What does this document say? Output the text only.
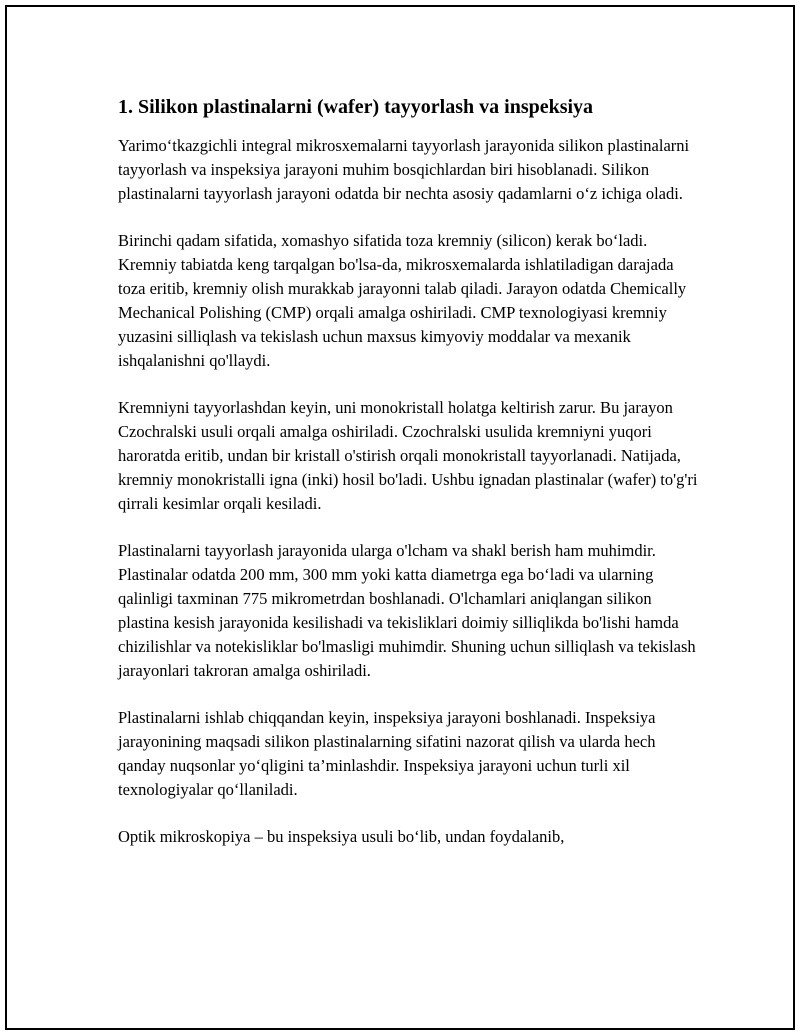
1. Silikon plastinalarni (wafer) tayyorlash va inspeksiya

Yarimo‘tkazgichli integral mikrosxemalarni tayyorlash jarayonida silikon plastinalarni tayyorlash va inspeksiya jarayoni muhim bosqichlardan biri hisoblanadi. Silikon plastinalarni tayyorlash jarayoni odatda bir nechta asosiy qadamlarni o‘z ichiga oladi.

Birinchi qadam sifatida, xomashyo sifatida toza kremniy (silicon) kerak bo‘ladi. Kremniy tabiatda keng tarqalgan bo'lsa-da, mikrosxemalarda ishlatiladigan darajada toza eritib, kremniy olish murakkab jarayonni talab qiladi. Jarayon odatda Chemically Mechanical Polishing (CMP) orqali amalga oshiriladi. CMP texnologiyasi kremniy yuzasini silliqlash va tekislash uchun maxsus kimyoviy moddalar va mexanik ishqalanishni qo'llaydi.

Kremniyni tayyorlashdan keyin, uni monokristall holatga keltirish zarur. Bu jarayon Czochralski usuli orqali amalga oshiriladi. Czochralski usulida kremniyni yuqori haroratda eritib, undan bir kristall o'stirish orqali monokristall tayyorlanadi. Natijada, kremniy monokristalli igna (inki) hosil bo'ladi. Ushbu ignadan plastinalar (wafer) to'g'ri qirrali kesimlar orqali kesiladi.

Plastinalarni tayyorlash jarayonida ularga o'lcham va shakl berish ham muhimdir. Plastinalar odatda 200 mm, 300 mm yoki katta diametrga ega bo‘ladi va ularning qalinligi taxminan 775 mikrometrdan boshlanadi. O'lchamlari aniqlangan silikon plastina kesish jarayonida kesilishadi va tekisliklari doimiy silliqlikda bo'lishi hamda chizilishlar va notekisliklar bo'lmasligi muhimdir. Shuning uchun silliqlash va tekislash jarayonlari takroran amalga oshiriladi.

Plastinalarni ishlab chiqqandan keyin, inspeksiya jarayoni boshlanadi. Inspeksiya jarayonining maqsadi silikon plastinalarning sifatini nazorat qilish va ularda hech qanday nuqsonlar yo‘qligini ta’minlashdir. Inspeksiya jarayoni uchun turli xil texnologiyalar qo‘llaniladi.

Optik mikroskopiya – bu inspeksiya usuli bo‘lib, undan foydalanib,
